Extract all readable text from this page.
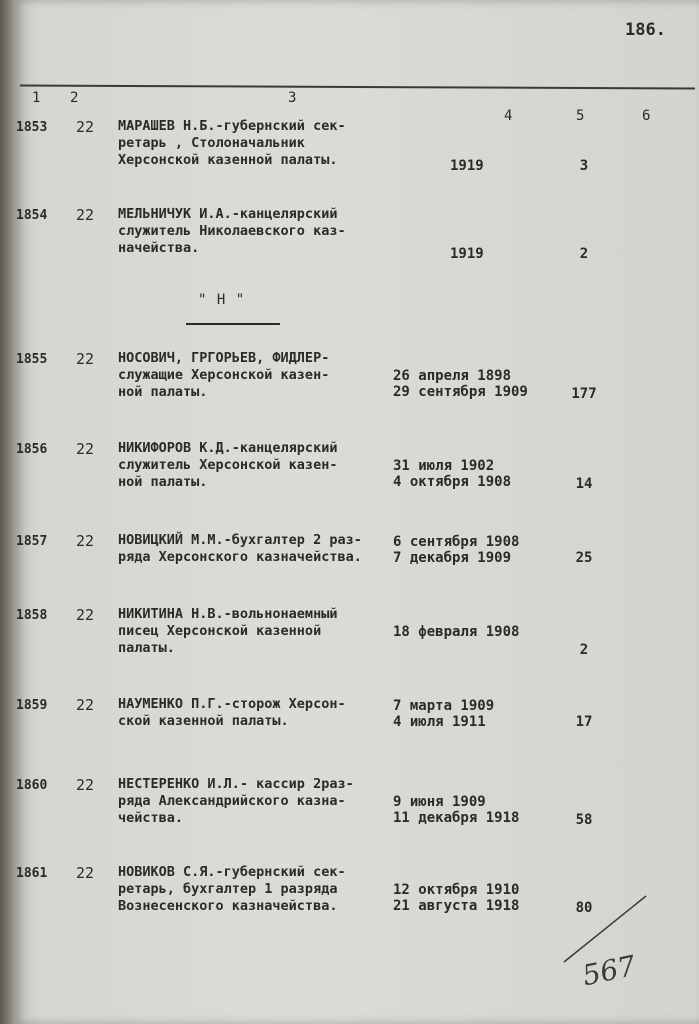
186.
1 2	3
4	5	6
" Н "
1853 22 МАРАШЕВ Н.Б.-губернский сек-
ретарь , Столоначальник
Херсонской казенной палаты.	1919	3
1854 22 МЕЛЬНИЧУК И.А.-канцелярский
служитель Николаевского каз-
начейства.	1919	2
1855 22 НОСОВИЧ, ГРГОРЬЕВ, ФИДЛЕР-
служащие Херсонской казен-
ной палаты.
26 апреля 1898
29 сентября 1909	177
1856 22 НИКИФОРОВ К.Д.-канцелярский
служитель Херсонской казен-
ной палаты.
31 июля 1902
4 октября 1908	14
1857 22 НОВИЦКИЙ М.М.-бухгалтер 2 раз-
ряда Херсонского казначейства.
6 сентября 1908
7 декабря 1909	25
1858 22 НИКИТИНА Н.В.-вольнонаемный
писец Херсонской казенной
палаты.
18 февраля 1908
2
1859 22 НАУМЕНКО П.Г.-сторож Херсон-
ской казенной палаты.
7 марта 1909
4 июля 1911	17
1860 22 НЕСТЕРЕНКО И.Л.- кассир 2раз-
ряда Александрийского казна-
чейства.
9 июня 1909
11 декабря 1918	58
1861 22 НОВИКОВ С.Я.-губернский сек-
ретарь, бухгалтер 1 разряда
Вознесенского казначейства.
12 октября 1910
21 августа 1918	80
567
